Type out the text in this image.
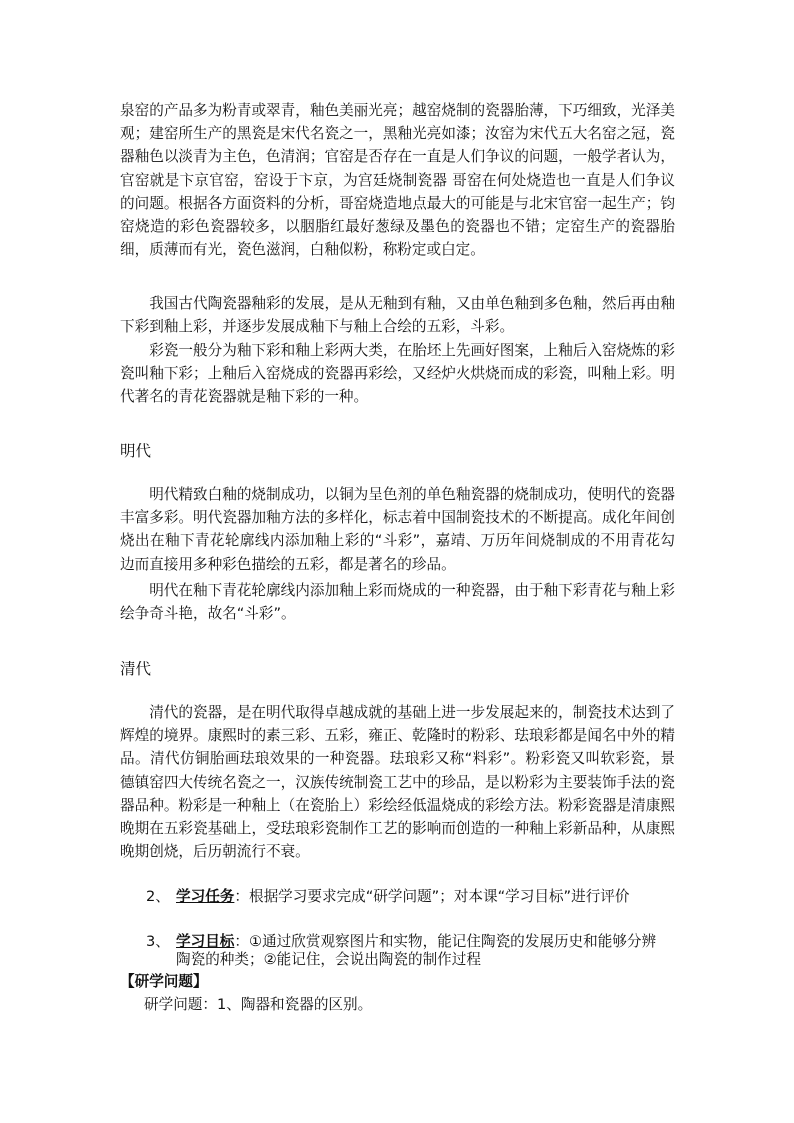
泉窑的产品多为粉青或翠青，釉色美丽光亮；越窑烧制的瓷器胎薄，下巧细致，光泽美观；建窑所生产的黑瓷是宋代名瓷之一，黑釉光亮如漆；汝窑为宋代五大名窑之冠，瓷器釉色以淡青为主色，色清润；官窑是否存在一直是人们争议的问题，一般学者认为，官窑就是卞京官窑，窑设于卞京，为宫廷烧制瓷器 哥窑在何处烧造也一直是人们争议的问题。根据各方面资料的分析，哥窑烧造地点最大的可能是与北宋官窑一起生产；钧窑烧造的彩色瓷器较多，以胭脂红最好葱绿及墨色的瓷器也不错；定窑生产的瓷器胎细，质薄而有光，瓷色滋润，白釉似粉，称粉定或白定。
我国古代陶瓷器釉彩的发展，是从无釉到有釉，又由单色釉到多色釉，然后再由釉下彩到釉上彩，并逐步发展成釉下与釉上合绘的五彩，斗彩。
彩瓷一般分为釉下彩和釉上彩两大类，在胎坯上先画好图案，上釉后入窑烧炼的彩瓷叫釉下彩；上釉后入窑烧成的瓷器再彩绘，又经炉火烘烧而成的彩瓷，叫釉上彩。明代著名的青花瓷器就是釉下彩的一种。
明代
明代精致白釉的烧制成功，以铜为呈色剂的单色釉瓷器的烧制成功，使明代的瓷器丰富多彩。明代瓷器加釉方法的多样化，标志着中国制瓷技术的不断提高。成化年间创烧出在釉下青花轮廓线内添加釉上彩的“斗彩”，嘉靖、万历年间烧制成的不用青花勾边而直接用多种彩色描绘的五彩，都是著名的珍品。
明代在釉下青花轮廓线内添加釉上彩而烧成的一种瓷器，由于釉下彩青花与釉上彩绘争奇斗艳，故名“斗彩”。
清代
清代的瓷器，是在明代取得卓越成就的基础上进一步发展起来的，制瓷技术达到了辉煌的境界。康熙时的素三彩、五彩，雍正、乾隆时的粉彩、珐琅彩都是闻名中外的精品。清代仿铜胎画珐琅效果的一种瓷器。珐琅彩又称“料彩”。粉彩瓷又叫软彩瓷，景德镇窑四大传统名瓷之一，汉族传统制瓷工艺中的珍品，是以粉彩为主要装饰手法的瓷器品种。粉彩是一种釉上（在瓷胎上）彩绘经低温烧成的彩绘方法。粉彩瓷器是清康熙晚期在五彩瓷基础上，受珐琅彩瓷制作工艺的影响而创造的一种釉上彩新品种，从康熙晚期创烧，后历朝流行不衰。
2、 学习任务：根据学习要求完成“研学问题”；对本课“学习目标”进行评价
3、 学习目标：①通过欣赏观察图片和实物，能记住陶瓷的发展历史和能够分辨陶瓷的种类；②能记住，会说出陶瓷的制作过程
【研学问题】
研学问题：1、陶器和瓷器的区别。
